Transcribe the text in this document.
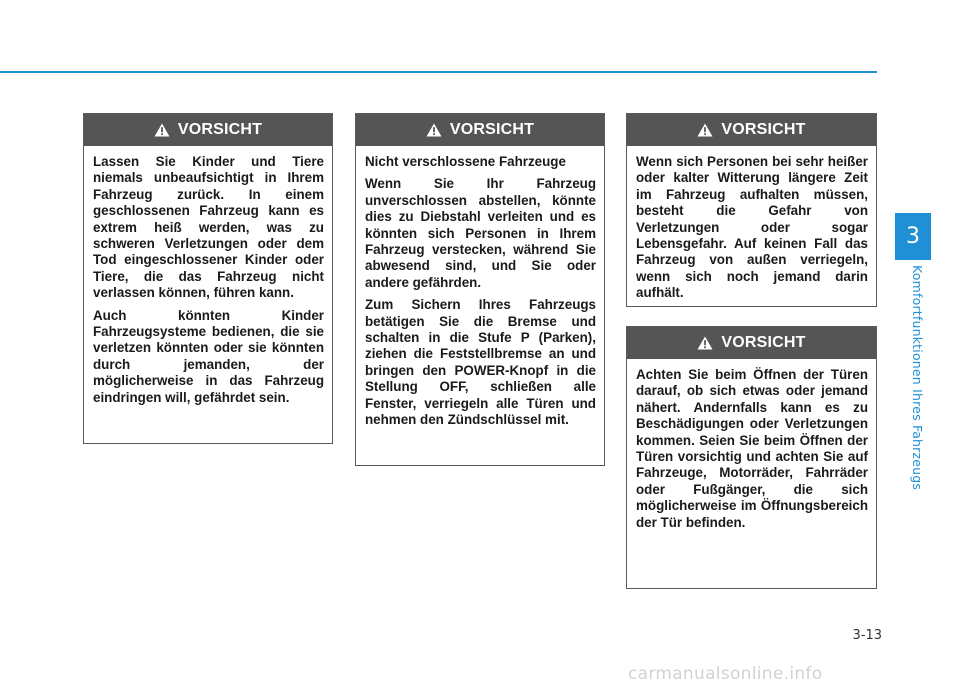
3
Komfortfunktionen Ihres Fahrzeugs
VORSICHT

Lassen Sie Kinder und Tiere niemals unbeaufsichtigt in Ihrem Fahrzeug zurück. In einem geschlossenen Fahrzeug kann es extrem heiß werden, was zu schweren Verletzungen oder dem Tod eingeschlossener Kinder oder Tiere, die das Fahrzeug nicht verlassen können, führen kann.

Auch könnten Kinder Fahrzeugsysteme bedienen, die sie verletzen könnten oder sie könnten durch jemanden, der möglicherweise in das Fahrzeug eindringen will, gefährdet sein.

VORSICHT

Nicht verschlossene Fahrzeuge

Wenn Sie Ihr Fahrzeug unverschlossen abstellen, könnte dies zu Diebstahl verleiten und es könnten sich Personen in Ihrem Fahrzeug verstecken, während Sie abwesend sind, und Sie oder andere gefährden.

Zum Sichern Ihres Fahrzeugs betätigen Sie die Bremse und schalten in die Stufe P (Parken), ziehen die Feststellbremse an und bringen den POWER-Knopf in die Stellung OFF, schließen alle Fenster, verriegeln alle Türen und nehmen den Zündschlüssel mit.

VORSICHT

Wenn sich Personen bei sehr heißer oder kalter Witterung längere Zeit im Fahrzeug aufhalten müssen, besteht die Gefahr von Verletzungen oder sogar Lebensgefahr. Auf keinen Fall das Fahrzeug von außen verriegeln, wenn sich noch jemand darin aufhält.

VORSICHT

Achten Sie beim Öffnen der Türen darauf, ob sich etwas oder jemand nähert. Andernfalls kann es zu Beschädigungen oder Verletzungen kommen. Seien Sie beim Öffnen der Türen vorsichtig und achten Sie auf Fahrzeuge, Motorräder, Fahrräder oder Fußgänger, die sich möglicherweise im Öffnungsbereich der Tür befinden.

3-13
carmanualsonline.info
